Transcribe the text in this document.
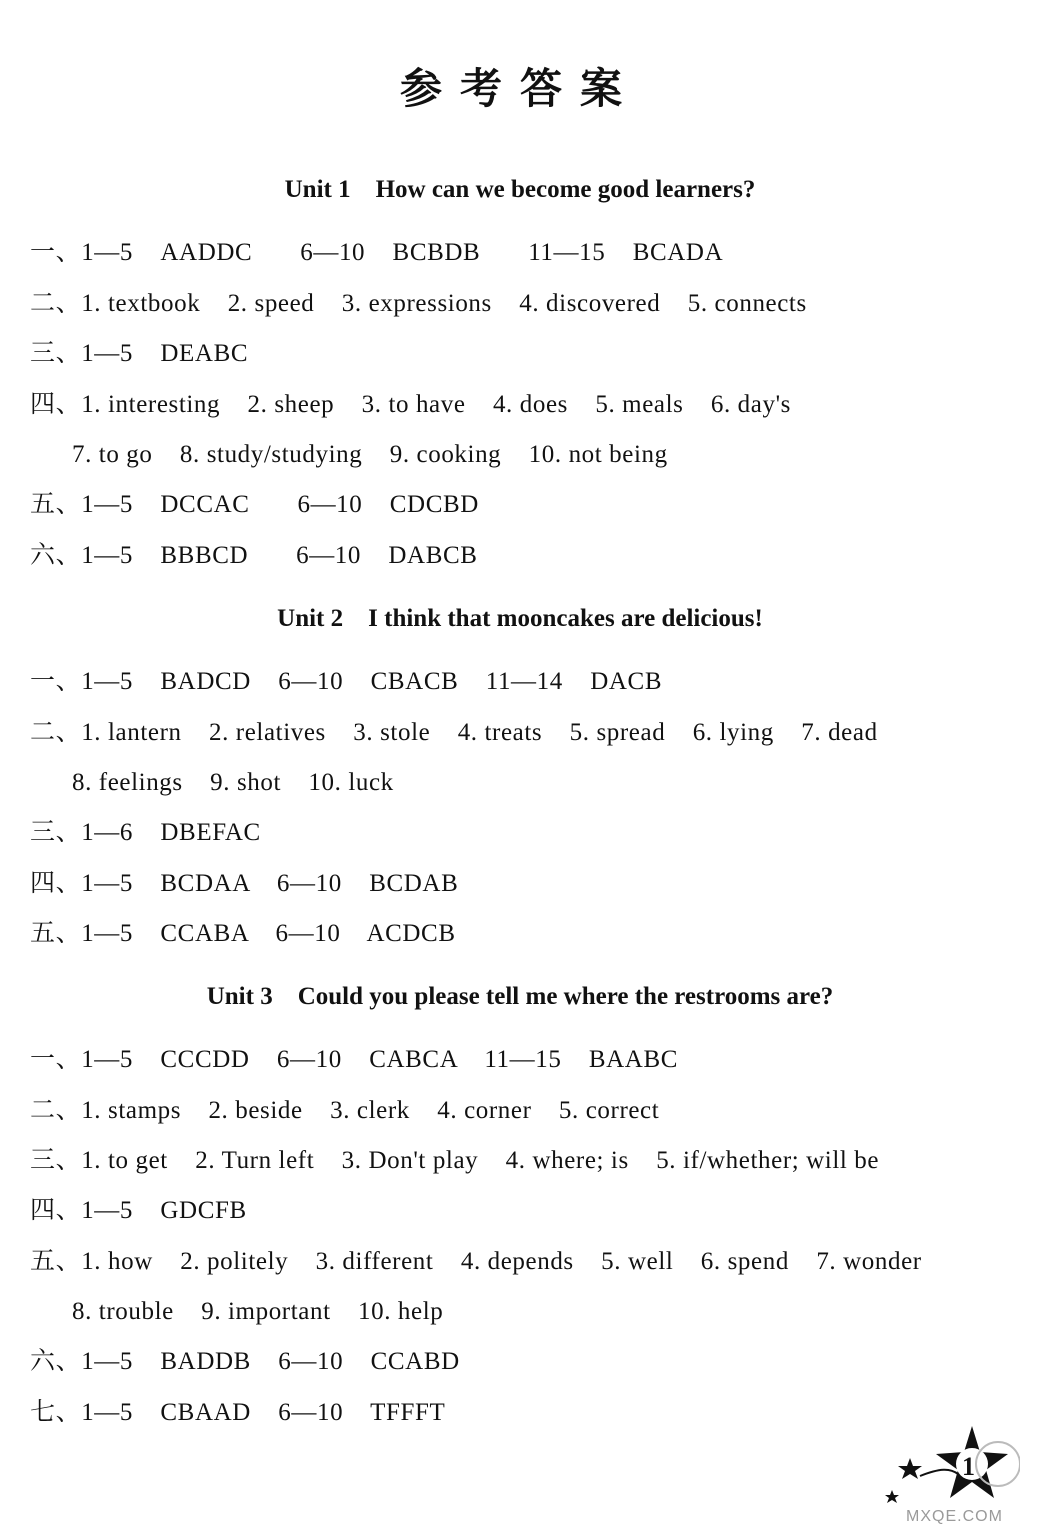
参考答案
Unit 1    How can we become good learners?
一、1—5    AADDC       6—10    BCBDB       11—15    BCADA
二、1. textbook    2. speed    3. expressions    4. discovered    5. connects
三、1—5    DEABC
四、1. interesting    2. sheep    3. to have    4. does    5. meals    6. day's
7. to go    8. study/studying    9. cooking    10. not being
五、1—5    DCCAC       6—10    CDCBD
六、1—5    BBBCD       6—10    DABCB
Unit 2    I think that mooncakes are delicious!
一、1—5    BADCD    6—10    CBACB    11—14    DACB
二、1. lantern    2. relatives    3. stole    4. treats    5. spread    6. lying    7. dead
8. feelings    9. shot    10. luck
三、1—6    DBEFAC
四、1—5    BCDAA    6—10    BCDAB
五、1—5    CCABA    6—10    ACDCB
Unit 3    Could you please tell me where the restrooms are?
一、1—5    CCCDD    6—10    CABCA    11—15    BAABC
二、1. stamps    2. beside    3. clerk    4. corner    5. correct
三、1. to get    2. Turn left    3. Don't play    4. where; is    5. if/whether; will be
四、1—5    GDCFB
五、1. how    2. politely    3. different    4. depends    5. well    6. spend    7. wonder
8. trouble    9. important    10. help
六、1—5    BADDB    6—10    CCABD
七、1—5    CBAAD    6—10    TFFFT
1
MXQE.COM
